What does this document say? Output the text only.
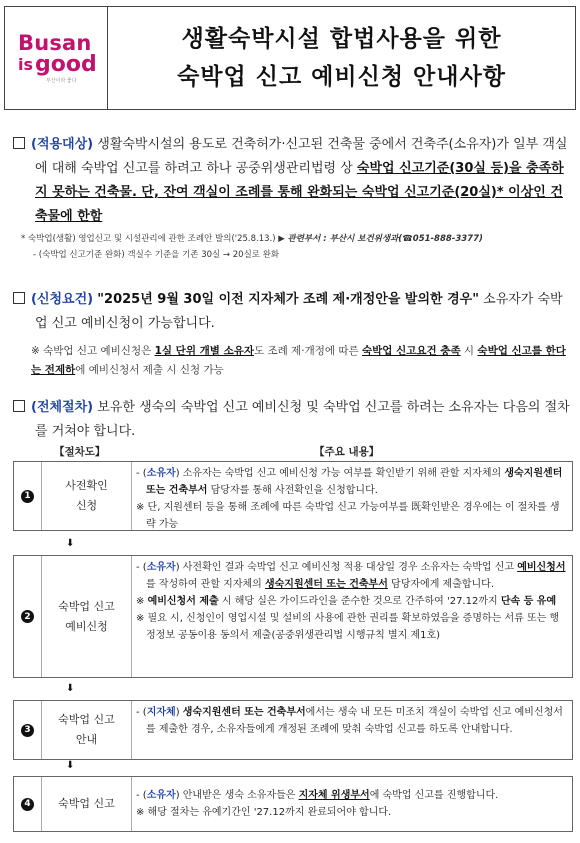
Busan
is good
부산이라 좋다
생활숙박시설 합법사용을 위한
숙박업 신고 예비신청 안내사항
(적용대상) 생활숙박시설의 용도로 건축허가·신고된 건축물 중에서 건축주(소유자)가 일부 객실에 대해 숙박업 신고를 하려고 하나 공중위생관리법령 상 숙박업 신고기준(30실 등)을 충족하지 못하는 건축물. 단, 잔여 객실이 조례를 통해 완화되는 숙박업 신고기준(20실)* 이상인 건축물에 한함
* 숙박업(생활) 영업신고 및 시설관리에 관한 조례안 발의('25.8.13.) ▶ 관련부서 : 부산시 보건위생과(☎051-888-3377)
- (숙박업 신고기준 완화) 객실수 기준을 기존 30실 → 20실로 완화
(신청요건) "2025년 9월 30일 이전 지자체가 조례 제·개정안을 발의한 경우" 소유자가 숙박업 신고 예비신청이 가능합니다.
※ 숙박업 신고 예비신청은 1실 단위 개별 소유자도 조례 제·개정에 따른 숙박업 신고요건 충족 시 숙박업 신고를 한다는 전제하에 예비신청서 제출 시 신청 가능
(전체절차) 보유한 생숙의 숙박업 신고 예비신청 및 숙박업 신고를 하려는 소유자는 다음의 절차를 거쳐야 합니다.
【절차도】	【주요 내용】
1
사전확인
신청

- (소유자) 소유자는 숙박업 신고 예비신청 가능 여부를 확인받기 위해 관할 지자체의 생숙지원센터 또는 건축부서 담당자를 통해 사전확인을 신청합니다.

※ 단, 지원센터 등을 통해 조례에 따른 숙박업 신고 가능여부를 既확인받은 경우에는 이 절차를 생략 가능

⬇
2
숙박업 신고
예비신청

- (소유자) 사전확인 결과 숙박업 신고 예비신청 적용 대상일 경우 소유자는 숙박업 신고 예비신청서를 작성하여 관할 지자체의 생숙지원센터 또는 건축부서 담당자에게 제출합니다.

※ 예비신청서 제출 시 해당 실은 가이드라인을 준수한 것으로 간주하여 '27.12까지 단속 등 유예

※ 필요 시, 신청인이 영업시설 및 설비의 사용에 관한 권리를 확보하였음을 증명하는 서류 또는 행정정보 공동이용 동의서 제출(공중위생관리법 시행규칙 별지 제1호)

⬇
3
숙박업 신고
안내

- (지자체) 생숙지원센터 또는 건축부서에서는 생숙 내 모든 미조치 객실이 숙박업 신고 예비신청서를 제출한 경우, 소유자들에게 개정된 조례에 맞춰 숙박업 신고를 하도록 안내합니다.

⬇
4	숙박업 신고

- (소유자) 안내받은 생숙 소유자들은 지자체 위생부서에 숙박업 신고를 진행합니다.

※ 해당 절차는 유예기간인 '27.12까지 완료되어야 합니다.
